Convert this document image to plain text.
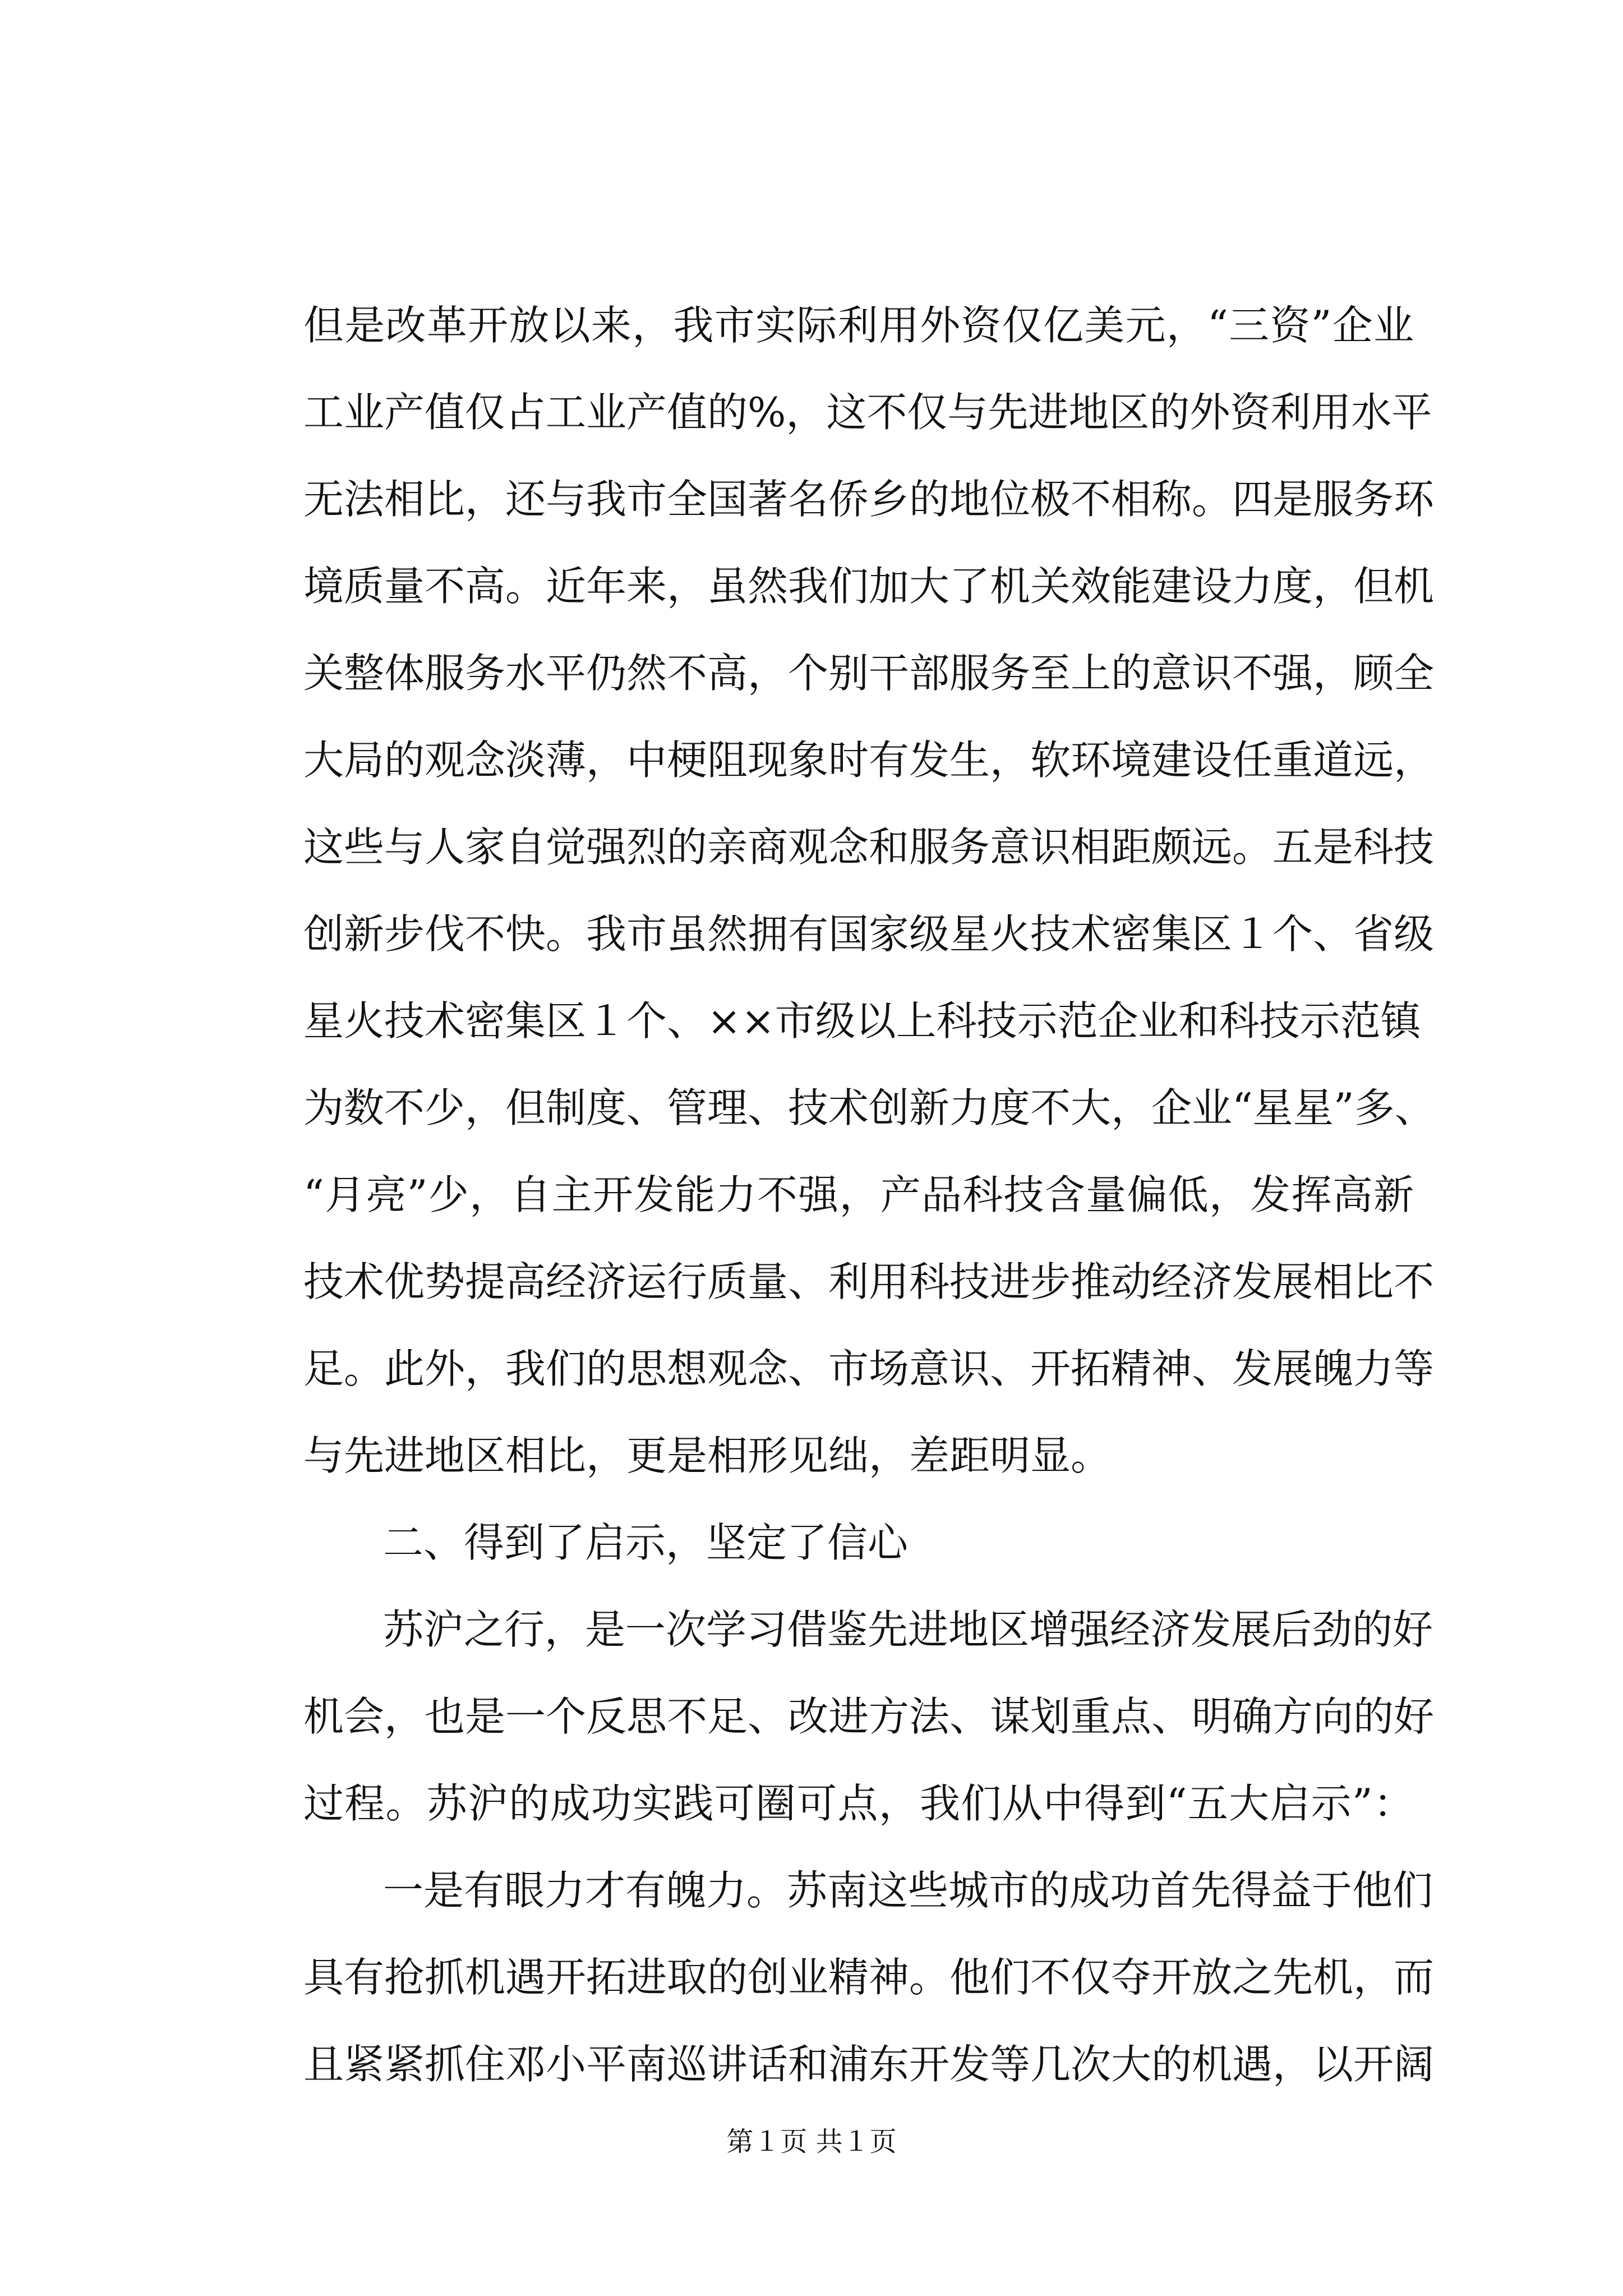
但是改革开放以来，我市实际利用外资仅亿美元，“三资”企业
工业产值仅占工业产值的%，这不仅与先进地区的外资利用水平
无法相比，还与我市全国著名侨乡的地位极不相称。四是服务环
境质量不高。近年来，虽然我们加大了机关效能建设力度，但机
关整体服务水平仍然不高，个别干部服务至上的意识不强，顾全
大局的观念淡薄，中梗阻现象时有发生，软环境建设任重道远，
这些与人家自觉强烈的亲商观念和服务意识相距颇远。五是科技
创新步伐不快。我市虽然拥有国家级星火技术密集区１个、省级
星火技术密集区１个、××市级以上科技示范企业和科技示范镇
为数不少，但制度、管理、技术创新力度不大，企业“星星”多、
“月亮”少，自主开发能力不强，产品科技含量偏低，发挥高新
技术优势提高经济运行质量、利用科技进步推动经济发展相比不
足。此外，我们的思想观念、市场意识、开拓精神、发展魄力等
与先进地区相比，更是相形见绌，差距明显。
二、得到了启示，坚定了信心
苏沪之行，是一次学习借鉴先进地区增强经济发展后劲的好
机会，也是一个反思不足、改进方法、谋划重点、明确方向的好
过程。苏沪的成功实践可圈可点，我们从中得到“五大启示”：
一是有眼力才有魄力。苏南这些城市的成功首先得益于他们
具有抢抓机遇开拓进取的创业精神。他们不仅夺开放之先机，而
且紧紧抓住邓小平南巡讲话和浦东开发等几次大的机遇，以开阔
第１页 共１页
